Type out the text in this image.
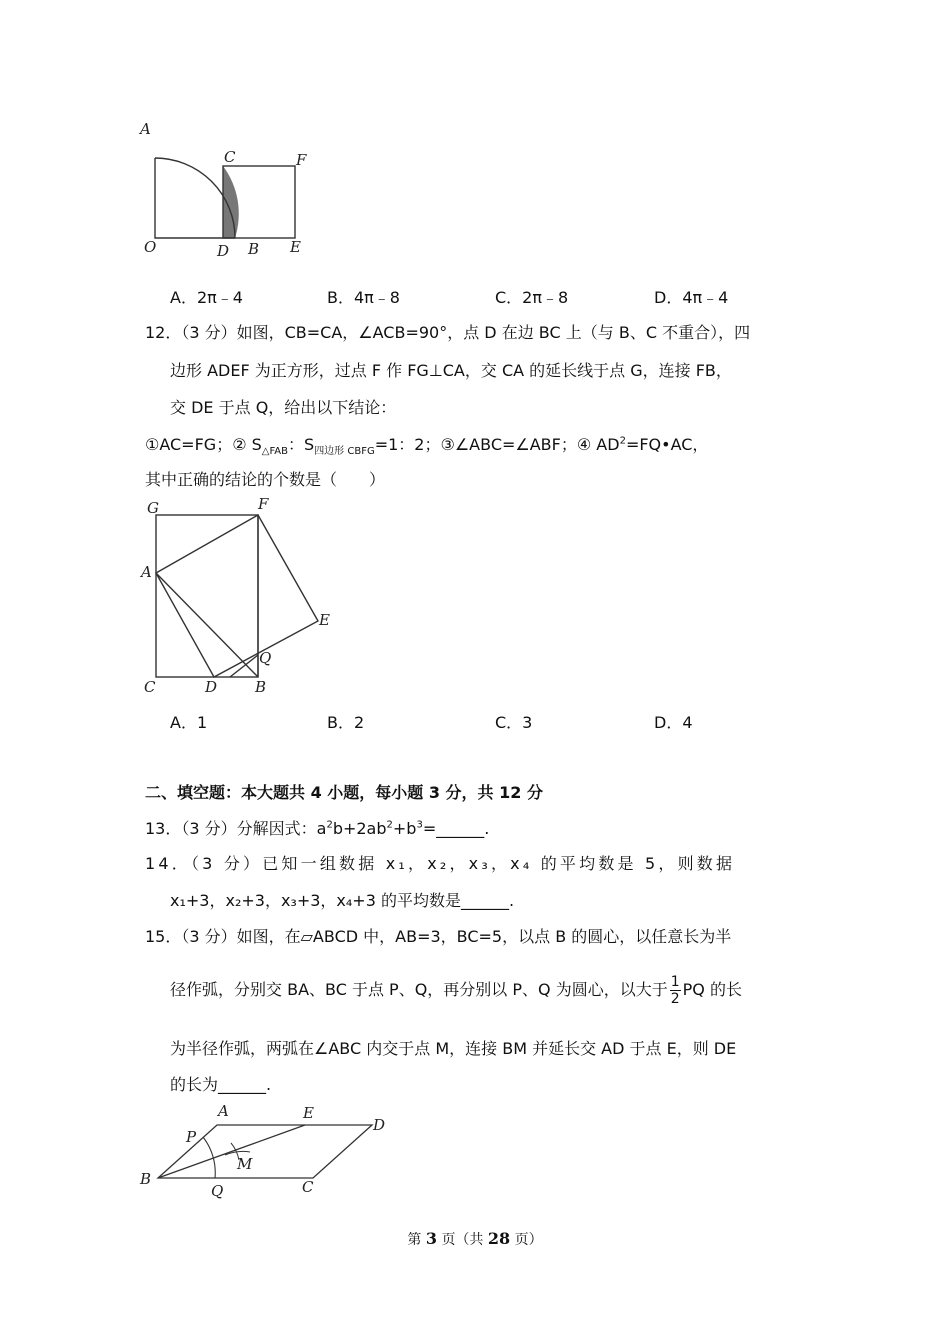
A
C	F
O	D B E
A．2π﹣4	B．4π﹣8	C．2π﹣8	D．4π﹣4
12．（3 分）如图，CB=CA，∠ACB=90°，点 D 在边 BC 上（与 B、C 不重合），四
边形 ADEF 为正方形，过点 F 作 FG⊥CA，交 CA 的延长线于点 G，连接 FB，
交 DE 于点 Q，给出以下结论：
①AC=FG；② $S_{\triangle FAB}$：$S_{四边形 CBFG}=1$：2；③∠ABC=∠ABF；④ $AD^2=FQ•AC$，
其中正确的结论的个数是（　　）
G	F
A
E
Q
C	D	B
A．1	B．2	C．3	D．4
二、填空题：本大题共 4 小题，每小题 3 分，共 12 分
13．（3 分）分解因式：$a^2b+2ab^2+b^3=\_\_\_\_\_\_$.
14．（3 分）已知一组数据 x₁，x₂，x₃，x₄ 的平均数是 5，则数据
x₁+3，x₂+3，x₃+3，x₄+3 的平均数是______.
15．（3 分）如图，在▱ABCD 中，AB=3，BC=5，以点 B 的圆心，以任意长为半
径作弧，分别交 BA、BC 于点 P、Q，再分别以 P、Q 为圆心，以大于 $\frac{1}{2}$ PQ 的长
为半径作弧，两弧在∠ABC 内交于点 M，连接 BM 并延长交 AD 于点 E，则 DE
的长为______.
A	E
D
P
M
B
Q	C
第 3 页（共 28 页）
